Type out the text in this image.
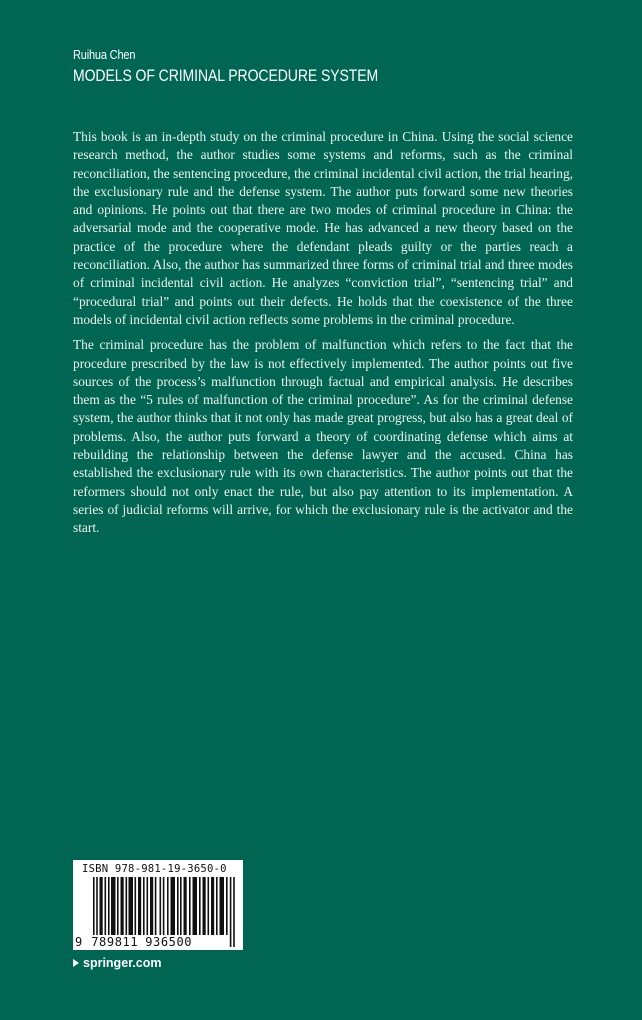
Ruihua Chen
MODELS OF CRIMINAL PROCEDURE SYSTEM

This book is an in-depth study on the criminal procedure in China. Using the social science research method, the author studies some systems and reforms, such as the criminal reconciliation, the sentencing procedure, the criminal incidental civil action, the trial hearing, the exclusionary rule and the defense system. The author puts forward some new theories and opinions. He points out that there are two modes of criminal procedure in China: the adversarial mode and the cooperative mode. He has advanced a new theory based on the practice of the procedure where the defendant pleads guilty or the parties reach a reconciliation. Also, the author has summarized three forms of criminal trial and three modes of criminal incidental civil action. He analyzes “conviction trial”, “sentencing trial” and “procedural trial” and points out their defects. He holds that the coexistence of the three models of incidental civil action reflects some problems in the criminal procedure.

The criminal procedure has the problem of malfunction which refers to the fact that the procedure prescribed by the law is not effectively implemented. The author points out five sources of the process’s malfunction through factual and empirical analysis. He describes them as the “5 rules of malfunction of the criminal procedure”. As for the criminal defense system, the author thinks that it not only has made great progress, but also has a great deal of problems. Also, the author puts forward a theory of coordinating defense which aims at rebuilding the relationship between the defense lawyer and the accused. China has established the exclusionary rule with its own characteristics. The author points out that the reformers should not only enact the rule, but also pay attention to its implementation. A series of judicial reforms will arrive, for which the exclusionary rule is the activator and the start.

ISBN 978-981-19-3650-0
9 789811 936500
springer.com
